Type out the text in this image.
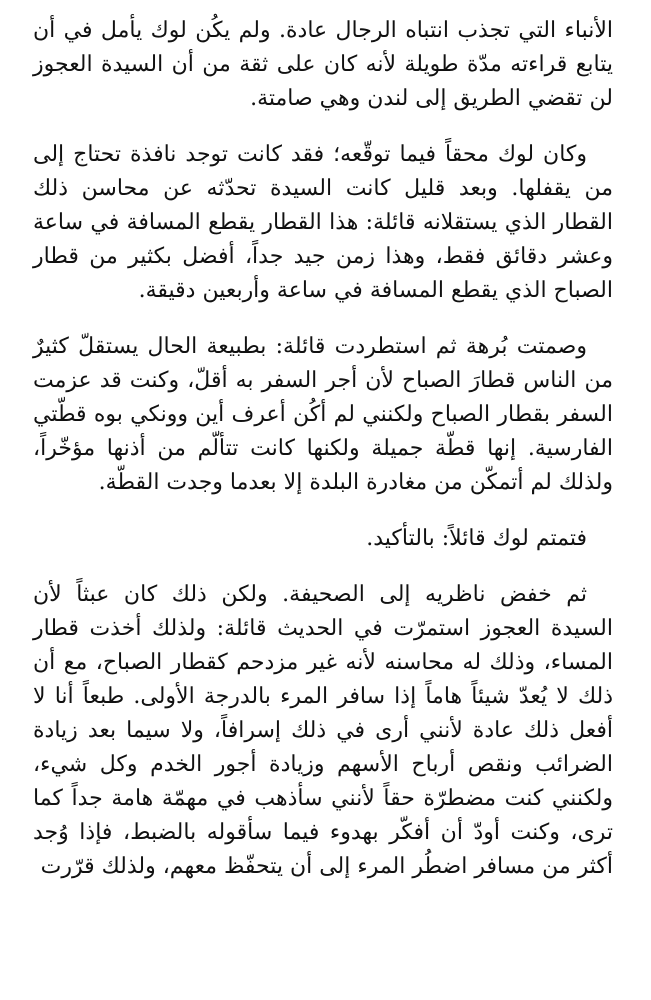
الأنباء التي تجذب انتباه الرجال عادة. ولم يكُن لوك يأمل في أن يتابع قراءته مدّة طويلة لأنه كان على ثقة من أن السيدة العجوز لن تقضي الطريق إلى لندن وهي صامتة.

وكان لوك محقاً فيما توقّعه؛ فقد كانت توجد نافذة تحتاج إلى من يقفلها. وبعد قليل كانت السيدة تحدّثه عن محاسن ذلك القطار الذي يستقلانه قائلة: هذا القطار يقطع المسافة في ساعة وعشر دقائق فقط، وهذا زمن جيد جداً، أفضل بكثير من قطار الصباح الذي يقطع المسافة في ساعة وأربعين دقيقة.

وصمتت بُرهة ثم استطردت قائلة: بطبيعة الحال يستقلّ كثيرٌ من الناس قطارَ الصباح لأن أجر السفر به أقلّ، وكنت قد عزمت السفر بقطار الصباح ولكنني لم أكُن أعرف أين وونكي بوه قطّتي الفارسية. إنها قطّة جميلة ولكنها كانت تتألّم من أذنها مؤخّراً، ولذلك لم أتمكّن من مغادرة البلدة إلا بعدما وجدت القطّة.

فتمتم لوك قائلاً: بالتأكيد.

ثم خفض ناظريه إلى الصحيفة. ولكن ذلك كان عبثاً لأن السيدة العجوز استمرّت في الحديث قائلة: ولذلك أخذت قطار المساء، وذلك له محاسنه لأنه غير مزدحم كقطار الصباح، مع أن ذلك لا يُعدّ شيئاً هاماً إذا سافر المرء بالدرجة الأولى. طبعاً أنا لا أفعل ذلك عادة لأنني أرى في ذلك إسرافاً، ولا سيما بعد زيادة الضرائب ونقص أرباح الأسهم وزيادة أجور الخدم وكل شيء، ولكنني كنت مضطرّة حقاً لأنني سأذهب في مهمّة هامة جداً كما ترى، وكنت أودّ أن أفكّر بهدوء فيما سأقوله بالضبط، فإذا وُجد أكثر من مسافر اضطُر المرء إلى أن يتحفّظ معهم، ولذلك قرّرت
